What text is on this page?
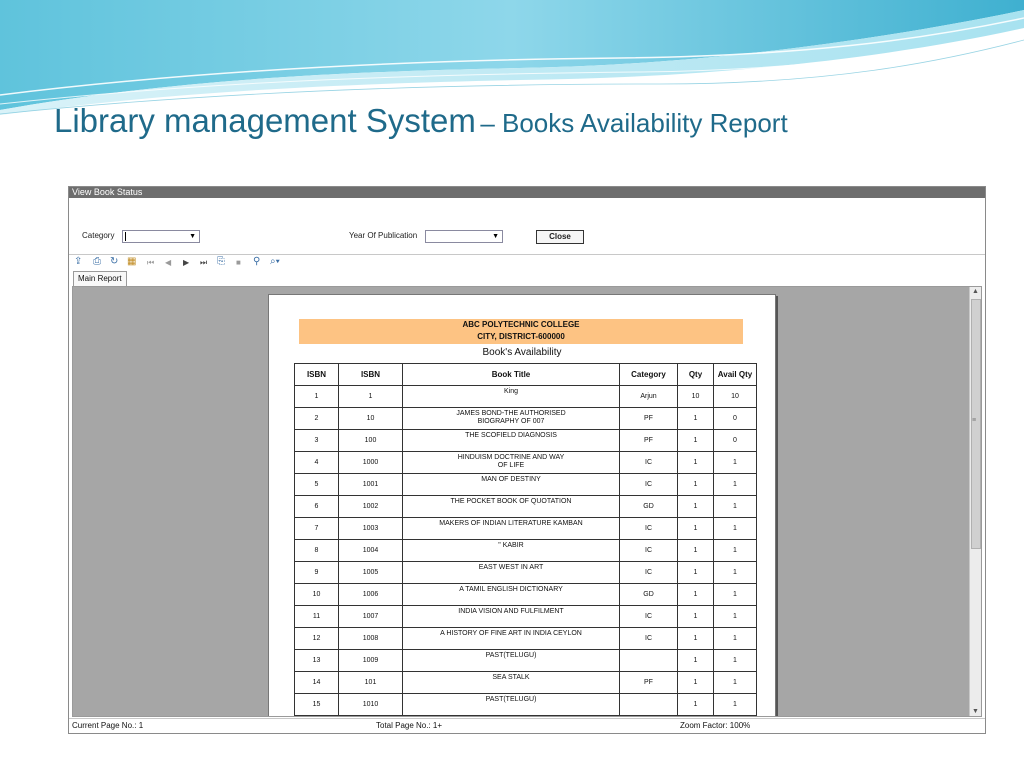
Library management System – Books Availability Report
View Book Status
Category	▼	Year Of Publication	▼	Close
⇪ ⎙ ↻ ▦ ⏮ ◀ ▶ ⏭ ⎘ ■ ⚲ ⌕▾
Main Report
ABC POLYTECHNIC COLLEGE
CITY, DISTRICT-600000
Book's Availability
ISBN	ISBN	Book Title	Category	Qty	Avail Qty
1	1	King	Arjun	10	10
2	10	JAMES BOND-THE AUTHORISED
BIOGRAPHY OF 007	PF	1	0
3	100	THE SCOFIELD DIAGNOSIS	PF	1	0
4	1000	HINDUISM DOCTRINE AND WAY
OF LIFE	IC	1	1
5	1001	MAN OF DESTINY	IC	1	1
6	1002	THE POCKET BOOK OF QUOTATION	GD	1	1
7	1003	MAKERS OF INDIAN LITERATURE KAMBAN	IC	1	1
8	1004	" KABIR	IC	1	1
9	1005	EAST WEST IN ART	IC	1	1
10	1006	A TAMIL ENGLISH DICTIONARY	GD	1	1
11	1007	INDIA VISION AND FULFILMENT	IC	1	1
12	1008	A HISTORY OF FINE ART IN INDIA CEYLON	IC	1	1
13	1009	PAST(TELUGU)		1	1
14	101	SEA STALK	PF	1	1
15	1010	PAST(TELUGU)		1	1

▲
≡
▼
Current Page No.: 1	Total Page No.: 1+	Zoom Factor: 100%
